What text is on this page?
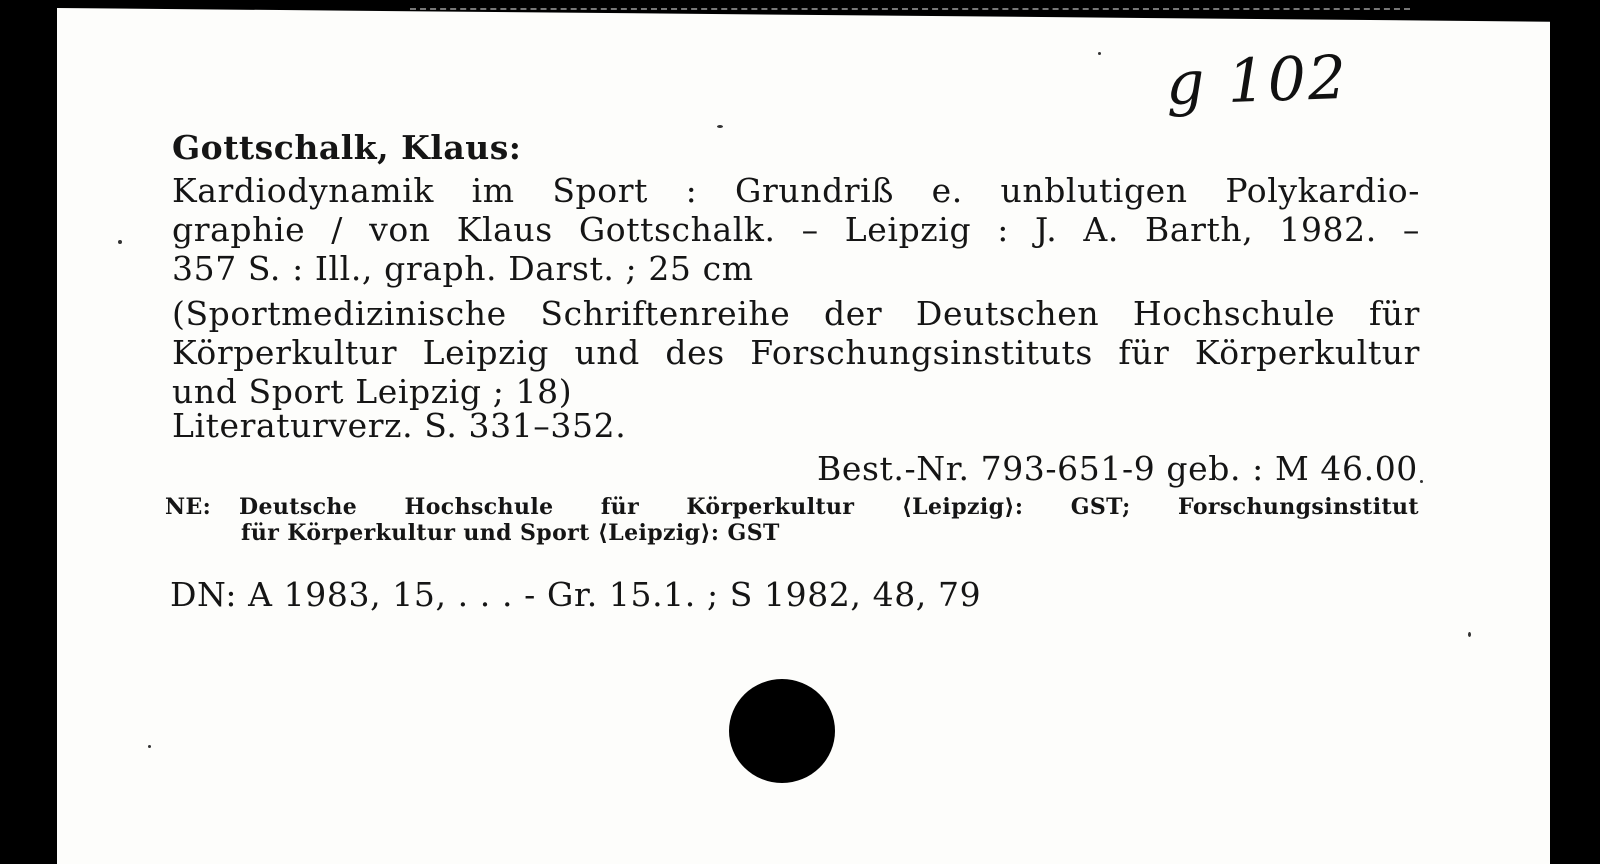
g 102
Gottschalk, Klaus:
Kardiodynamik im Sport : Grundriß e. unblutigen Polykardio-
graphie / von Klaus Gottschalk. – Leipzig : J. A. Barth, 1982. –
357 S. : Ill., graph. Darst. ; 25 cm
(Sportmedizinische Schriftenreihe der Deutschen Hochschule für
Körperkultur Leipzig und des Forschungsinstituts für Körperkultur
und Sport Leipzig ; 18)
Literaturverz. S. 331–352.
Best.-Nr. 793-651-9 geb. : M 46.00
NE: Deutsche Hochschule für Körperkultur ⟨Leipzig⟩: GST; Forschungsinstitut
für Körperkultur und Sport ⟨Leipzig⟩: GST
DN: A 1983, 15, . . . - Gr. 15.1. ; S 1982, 48, 79
